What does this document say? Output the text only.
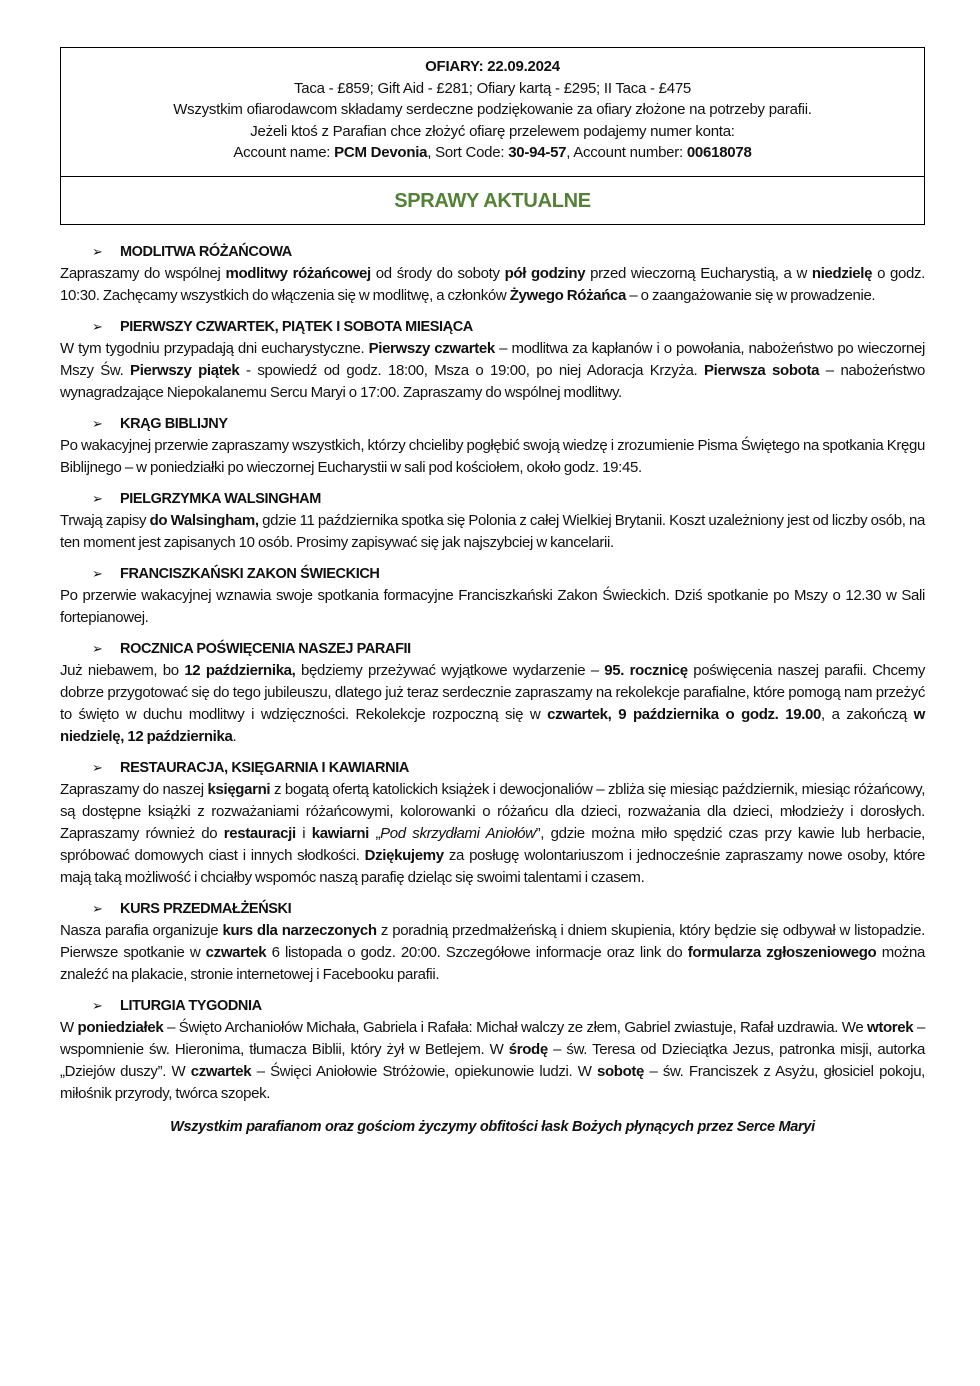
OFIARY: 22.09.2024
Taca - £859; Gift Aid - £281; Ofiary kartą - £295; II Taca - £475
Wszystkim ofiarodawcom składamy serdeczne podziękowanie za ofiary złożone na potrzeby parafii.
Jeżeli ktoś z Parafian chce złożyć ofiarę przelewem podajemy numer konta:
Account name: PCM Devonia, Sort Code: 30-94-57, Account number: 00618078
SPRAWY AKTUALNE
➢	MODLITWA RÓŻAŃCOWA
Zapraszamy do wspólnej modlitwy różańcowej od środy do soboty pół godziny przed wieczorną Eucharystią, a w niedzielę o godz. 10:30. Zachęcamy wszystkich do włączenia się w modlitwę, a członków Żywego Różańca – o zaangażowanie się w prowadzenie.
➢	PIERWSZY CZWARTEK, PIĄTEK I SOBOTA MIESIĄCA
W tym tygodniu przypadają dni eucharystyczne. Pierwszy czwartek – modlitwa za kapłanów i o powołania, nabożeństwo po wieczornej Mszy Św. Pierwszy piątek - spowiedź od godz. 18:00, Msza o 19:00, po niej Adoracja Krzyża. Pierwsza sobota – nabożeństwo wynagradzające Niepokalanemu Sercu Maryi o 17:00. Zapraszamy do wspólnej modlitwy.
➢	KRĄG BIBLIJNY
Po wakacyjnej przerwie zapraszamy wszystkich, którzy chcieliby pogłębić swoją wiedzę i zrozumienie Pisma Świętego na spotkania Kręgu Biblijnego – w poniedziałki po wieczornej Eucharystii w sali pod kościołem, około godz. 19:45.
➢	PIELGRZYMKA WALSINGHAM
Trwają zapisy do Walsingham, gdzie 11 października spotka się Polonia z całej Wielkiej Brytanii. Koszt uzależniony jest od liczby osób, na ten moment jest zapisanych 10 osób. Prosimy zapisywać się jak najszybciej w kancelarii.
➢	FRANCISZKAŃSKI ZAKON ŚWIECKICH
Po przerwie wakacyjnej wznawia swoje spotkania formacyjne Franciszkański Zakon Świeckich. Dziś spotkanie po Mszy o 12.30 w Sali fortepianowej.
➢	ROCZNICA POŚWIĘCENIA NASZEJ PARAFII
Już niebawem, bo 12 października, będziemy przeżywać wyjątkowe wydarzenie – 95. rocznicę poświęcenia naszej parafii. Chcemy dobrze przygotować się do tego jubileuszu, dlatego już teraz serdecznie zapraszamy na rekolekcje parafialne, które pomogą nam przeżyć to święto w duchu modlitwy i wdzięczności. Rekolekcje rozpoczną się w czwartek, 9 października o godz. 19.00, a zakończą w niedzielę, 12 października.
➢	RESTAURACJA, KSIĘGARNIA I KAWIARNIA
Zapraszamy do naszej księgarni z bogatą ofertą katolickich książek i dewocjonaliów – zbliża się miesiąc październik, miesiąc różańcowy, są dostępne książki z rozważaniami różańcowymi, kolorowanki o różańcu dla dzieci, rozważania dla dzieci, młodzieży i dorosłych. Zapraszamy również do restauracji i kawiarni „Pod skrzydłami Aniołów”, gdzie można miło spędzić czas przy kawie lub herbacie, spróbować domowych ciast i innych słodkości. Dziękujemy za posługę wolontariuszom i jednocześnie zapraszamy nowe osoby, które mają taką możliwość i chciałby wspomóc naszą parafię dzieląc się swoimi talentami i czasem.
➢	KURS PRZEDMAŁŻEŃSKI
Nasza parafia organizuje kurs dla narzeczonych z poradnią przedmałżeńską i dniem skupienia, który będzie się odbywał w listopadzie. Pierwsze spotkanie w czwartek 6 listopada o godz. 20:00. Szczegółowe informacje oraz link do formularza zgłoszeniowego można znaleźć na plakacie, stronie internetowej i Facebooku parafii.
➢	LITURGIA TYGODNIA
W poniedziałek – Święto Archaniołów Michała, Gabriela i Rafała: Michał walczy ze złem, Gabriel zwiastuje, Rafał uzdrawia. We wtorek – wspomnienie św. Hieronima, tłumacza Biblii, który żył w Betlejem. W środę – św. Teresa od Dzieciątka Jezus, patronka misji, autorka „Dziejów duszy”. W czwartek – Święci Aniołowie Stróżowie, opiekunowie ludzi. W sobotę – św. Franciszek z Asyżu, głosiciel pokoju, miłośnik przyrody, twórca szopek.
Wszystkim parafianom oraz gościom życzymy obfitości łask Bożych płynących przez Serce Maryi
